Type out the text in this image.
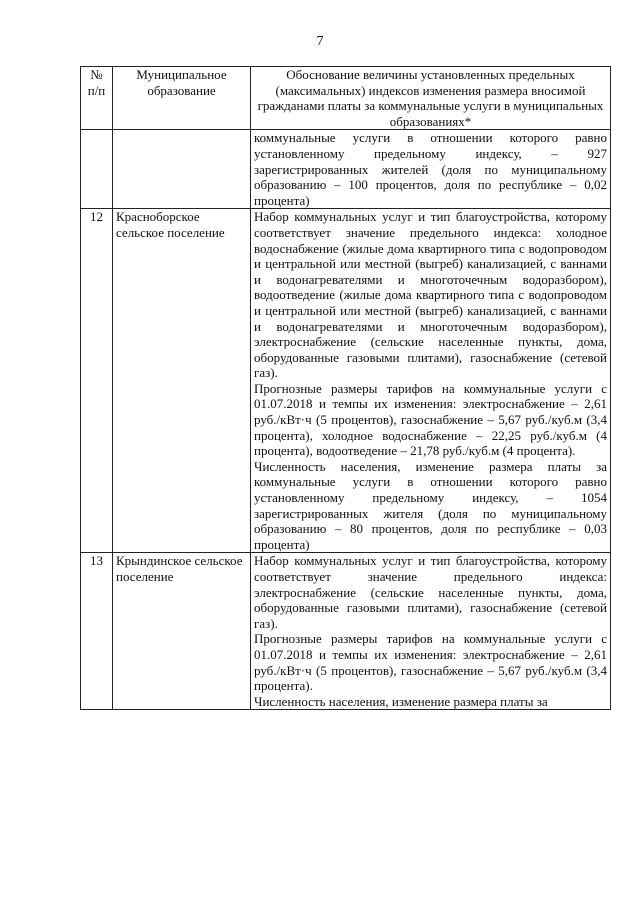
7
№ п/п	Муниципальное образование	Обоснование величины установленных предельных (максимальных) индексов изменения размера вносимой гражданами платы за коммунальные услуги в муниципальных образованиях*
		коммунальные услуги в отношении которого равно установленному предельному индексу, – 927 зарегистрированных жителей (доля по муниципальному образованию – 100 процентов, доля по республике – 0,02 процента)
12	Красноборское сельское поселение	Набор коммунальных услуг и тип благоустройства, которому соответствует значение предельного индекса: холодное водоснабжение (жилые дома квартирного типа с водопроводом и центральной или местной (выгреб) канализацией, с ваннами и водонагревателями и многоточечным водоразбором), водоотведение (жилые дома квартирного типа с водопроводом и центральной или местной (выгреб) канализацией, с ваннами и водонагревателями и многоточечным водоразбором), электроснабжение (сельские населенные пункты, дома, оборудованные газовыми плитами), газоснабжение (сетевой газ).

Прогнозные размеры тарифов на коммунальные услуги с 01.07.2018 и темпы их изменения: электроснабжение – 2,61 руб./кВт·ч (5 процентов), газоснабжение – 5,67 руб./куб.м (3,4 процента), холодное водоснабжение – 22,25 руб./куб.м (4 процента), водоотведение – 21,78 руб./куб.м (4 процента).

Численность населения, изменение размера платы за коммунальные услуги в отношении которого равно установленному предельному индексу, – 1054 зарегистрированных жителя (доля по муниципальному образованию – 80 процентов, доля по республике – 0,03 процента)

13	Крындинское сельское поселение	Набор коммунальных услуг и тип благоустройства, которому соответствует значение предельного индекса: электроснабжение (сельские населенные пункты, дома, оборудованные газовыми плитами), газоснабжение (сетевой газ).

Прогнозные размеры тарифов на коммунальные услуги с 01.07.2018 и темпы их изменения: электроснабжение – 2,61 руб./кВт·ч (5 процентов), газоснабжение – 5,67 руб./куб.м (3,4 процента).

Численность населения, изменение размера платы за
